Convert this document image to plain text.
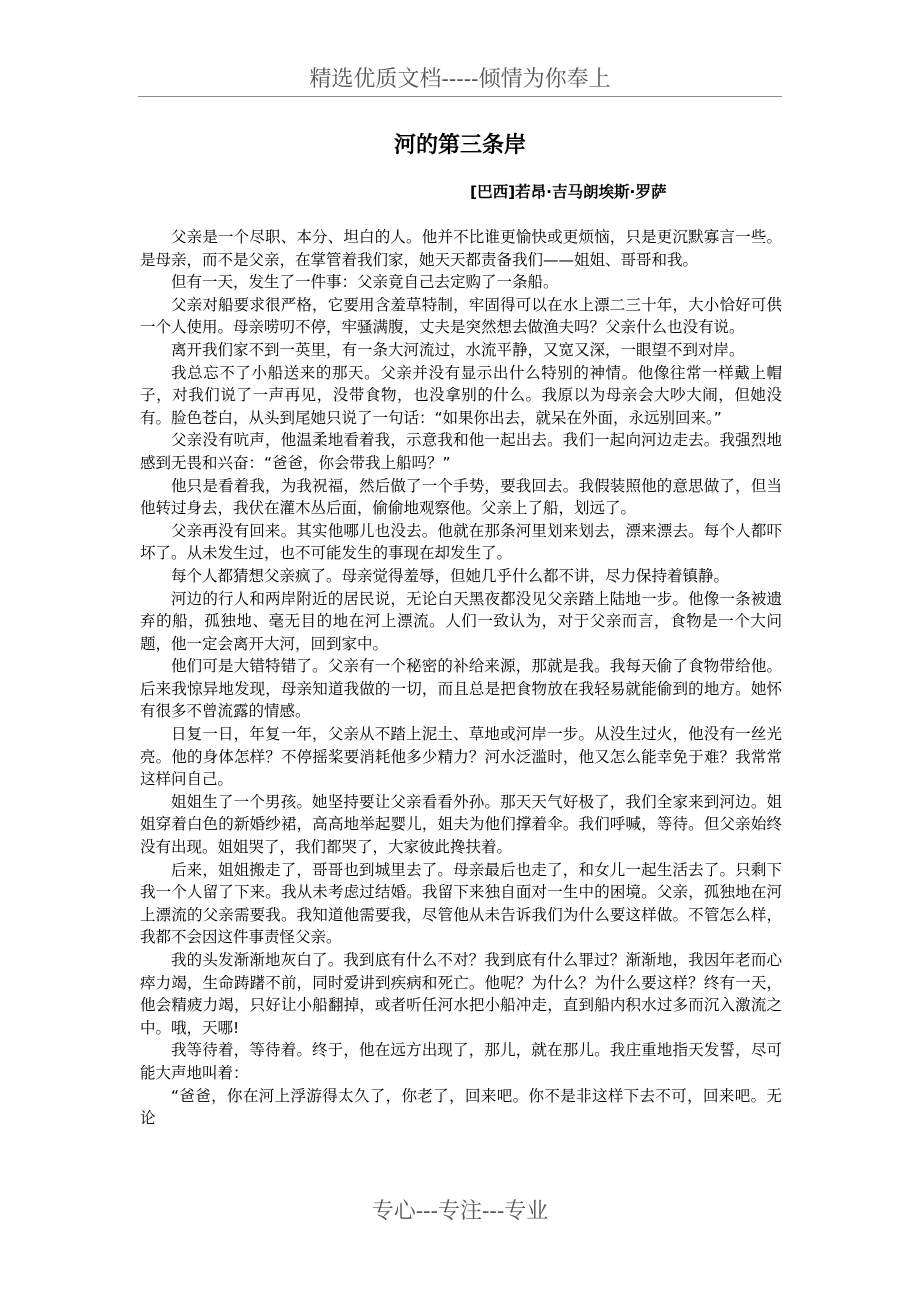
精选优质文档-----倾情为你奉上
河的第三条岸
[巴西]若昂·吉马朗埃斯·罗萨

父亲是一个尽职、本分、坦白的人。他并不比谁更愉快或更烦恼，只是更沉默寡言一些。是母亲，而不是父亲，在掌管着我们家，她天天都责备我们——姐姐、哥哥和我。

但有一天，发生了一件事：父亲竟自己去定购了一条船。

父亲对船要求很严格，它要用含羞草特制，牢固得可以在水上漂二三十年，大小恰好可供一个人使用。母亲唠叨不停，牢骚满腹，丈夫是突然想去做渔夫吗？父亲什么也没有说。

离开我们家不到一英里，有一条大河流过，水流平静，又宽又深，一眼望不到对岸。

我总忘不了小船送来的那天。父亲并没有显示出什么特别的神情。他像往常一样戴上帽子，对我们说了一声再见，没带食物，也没拿别的什么。我原以为母亲会大吵大闹，但她没有。脸色苍白，从头到尾她只说了一句话：“如果你出去，就呆在外面，永远别回来。”

父亲没有吭声，他温柔地看着我，示意我和他一起出去。我们一起向河边走去。我强烈地感到无畏和兴奋：“爸爸，你会带我上船吗？”

他只是看着我，为我祝福，然后做了一个手势，要我回去。我假装照他的意思做了，但当他转过身去，我伏在灌木丛后面，偷偷地观察他。父亲上了船，划远了。

父亲再没有回来。其实他哪儿也没去。他就在那条河里划来划去，漂来漂去。每个人都吓坏了。从未发生过，也不可能发生的事现在却发生了。

每个人都猜想父亲疯了。母亲觉得羞辱，但她几乎什么都不讲，尽力保持着镇静。

河边的行人和两岸附近的居民说，无论白天黑夜都没见父亲踏上陆地一步。他像一条被遗弃的船，孤独地、毫无目的地在河上漂流。人们一致认为，对于父亲而言，食物是一个大问题，他一定会离开大河，回到家中。

他们可是大错特错了。父亲有一个秘密的补给来源，那就是我。我每天偷了食物带给他。后来我惊异地发现，母亲知道我做的一切，而且总是把食物放在我轻易就能偷到的地方。她怀有很多不曾流露的情感。

日复一日，年复一年，父亲从不踏上泥土、草地或河岸一步。从没生过火，他没有一丝光亮。他的身体怎样？不停摇桨要消耗他多少精力？河水泛滥时，他又怎么能幸免于难？我常常这样问自己。

姐姐生了一个男孩。她坚持要让父亲看看外孙。那天天气好极了，我们全家来到河边。姐姐穿着白色的新婚纱裙，高高地举起婴儿，姐夫为他们撑着伞。我们呼喊，等待。但父亲始终没有出现。姐姐哭了，我们都哭了，大家彼此搀扶着。

后来，姐姐搬走了，哥哥也到城里去了。母亲最后也走了，和女儿一起生活去了。只剩下我一个人留了下来。我从未考虑过结婚。我留下来独自面对一生中的困境。父亲，孤独地在河上漂流的父亲需要我。我知道他需要我，尽管他从未告诉我们为什么要这样做。不管怎么样，我都不会因这件事责怪父亲。

我的头发渐渐地灰白了。我到底有什么不对？我到底有什么罪过？渐渐地，我因年老而心瘁力竭，生命踌躇不前，同时爱讲到疾病和死亡。他呢？为什么？为什么要这样？终有一天，他会精疲力竭，只好让小船翻掉，或者听任河水把小船冲走，直到船内积水过多而沉入激流之中。哦，天哪!

我等待着，等待着。终于，他在远方出现了，那儿，就在那儿。我庄重地指天发誓，尽可能大声地叫着：

“爸爸，你在河上浮游得太久了，你老了，回来吧。你不是非这样下去不可，回来吧。无论

专心---专注---专业
